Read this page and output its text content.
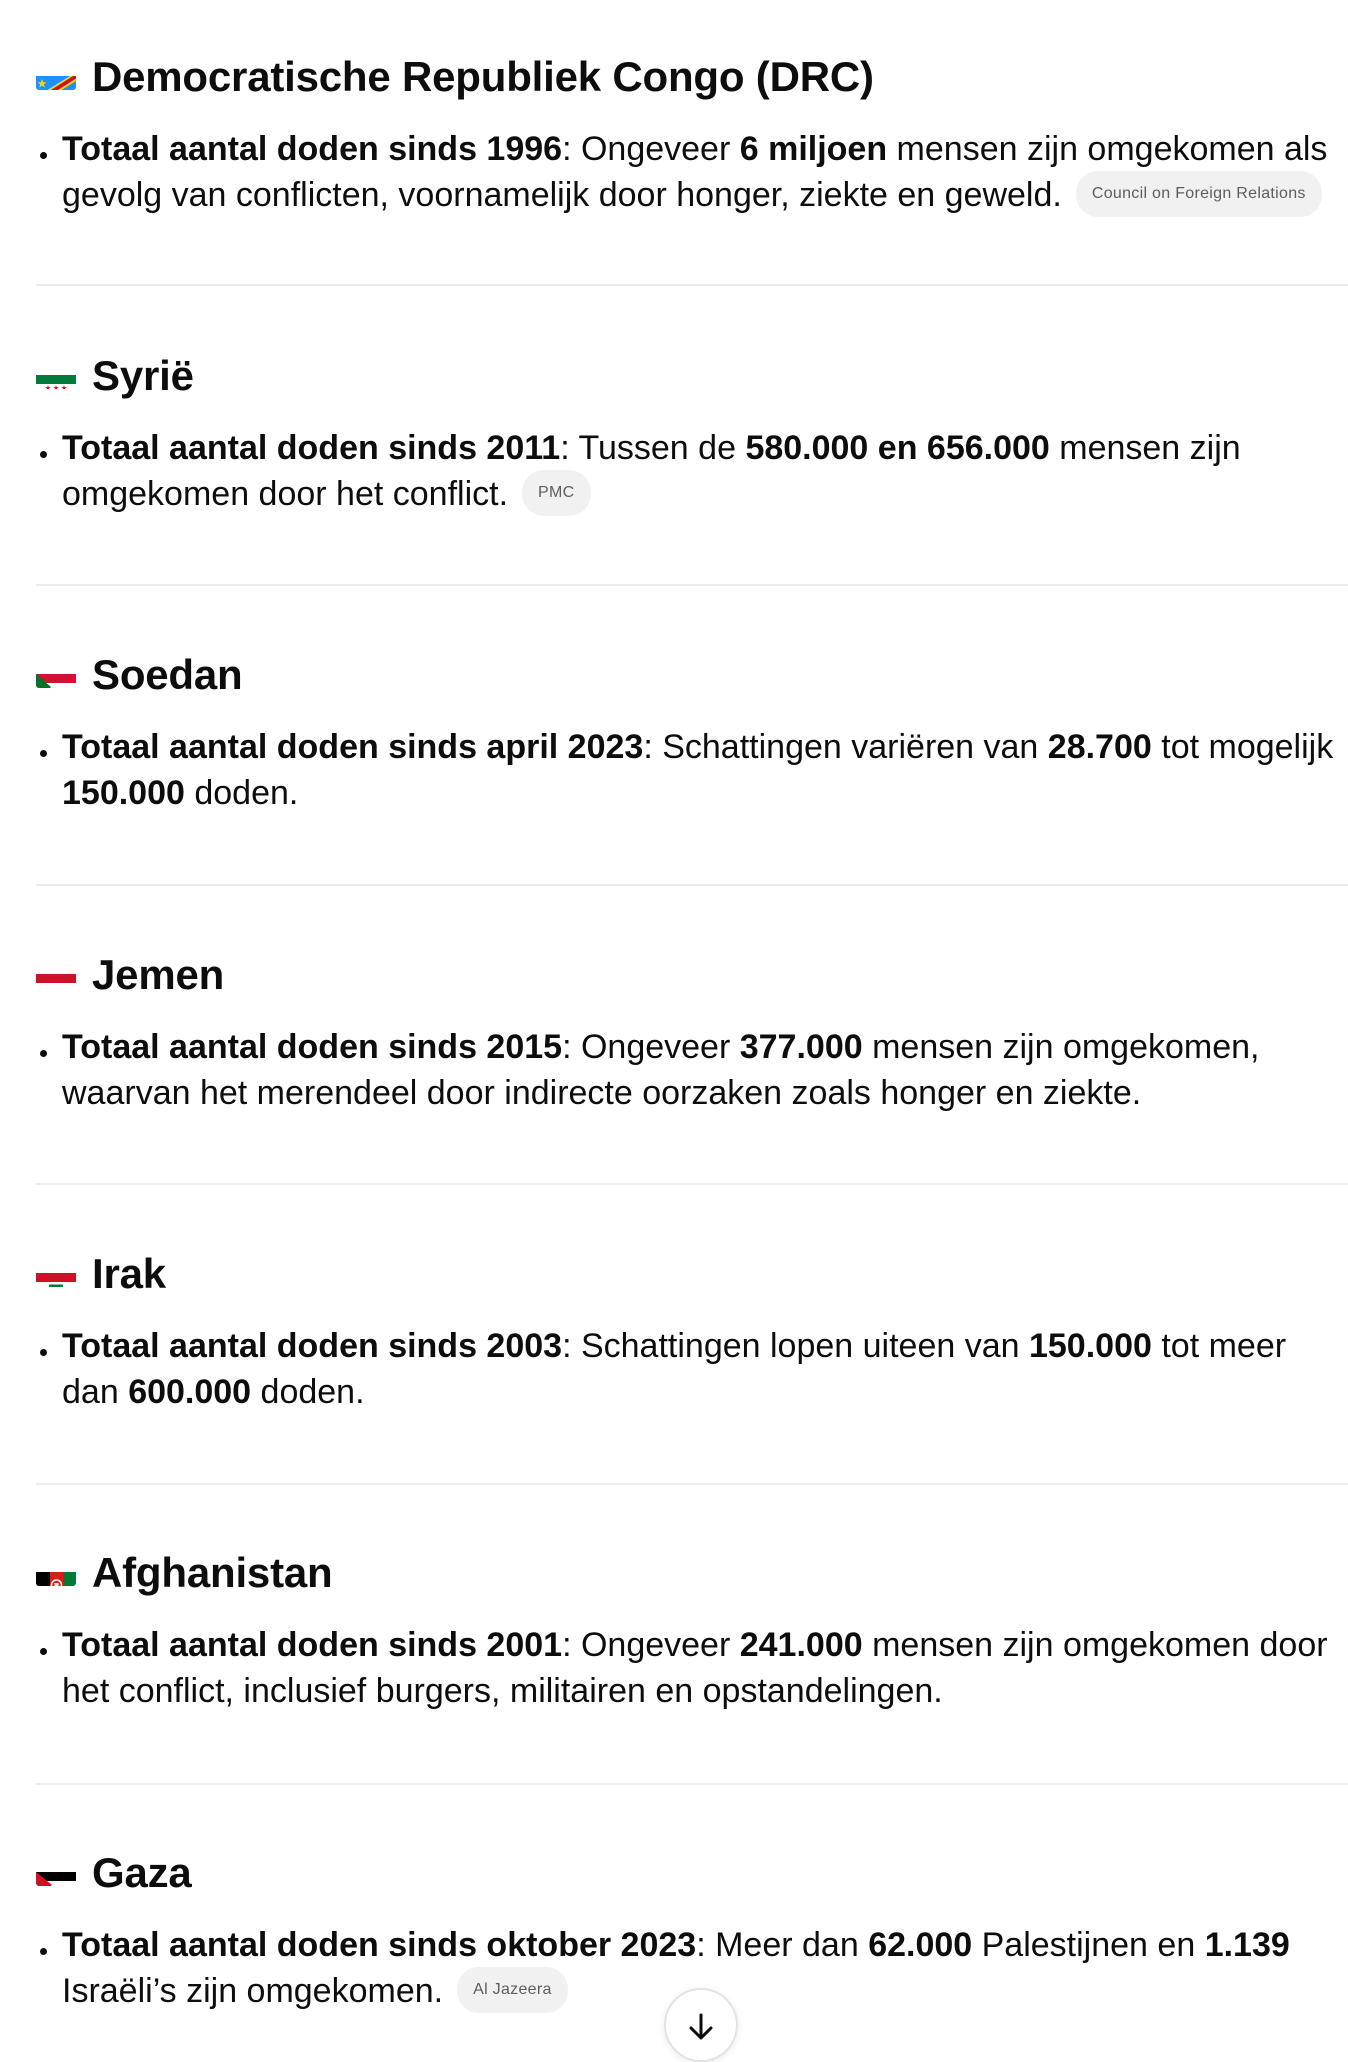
Democratische Republiek Congo (DRC)
Totaal aantal doden sinds 1996: Ongeveer 6 miljoen mensen zijn omgekomen als
gevolg van conflicten, voornamelijk door honger, ziekte en geweld. Council on Foreign Relations
Syrië
Totaal aantal doden sinds 2011: Tussen de 580.000 en 656.000 mensen zijn
omgekomen door het conflict. PMC
Soedan
Totaal aantal doden sinds april 2023: Schattingen variëren van 28.700 tot mogelijk
150.000 doden.
Jemen
Totaal aantal doden sinds 2015: Ongeveer 377.000 mensen zijn omgekomen,
waarvan het merendeel door indirecte oorzaken zoals honger en ziekte.
Irak
Totaal aantal doden sinds 2003: Schattingen lopen uiteen van 150.000 tot meer
dan 600.000 doden.
Afghanistan
Totaal aantal doden sinds 2001: Ongeveer 241.000 mensen zijn omgekomen door
het conflict, inclusief burgers, militairen en opstandelingen.
Gaza
Totaal aantal doden sinds oktober 2023: Meer dan 62.000 Palestijnen en 1.139
Israëli’s zijn omgekomen. Al Jazeera
